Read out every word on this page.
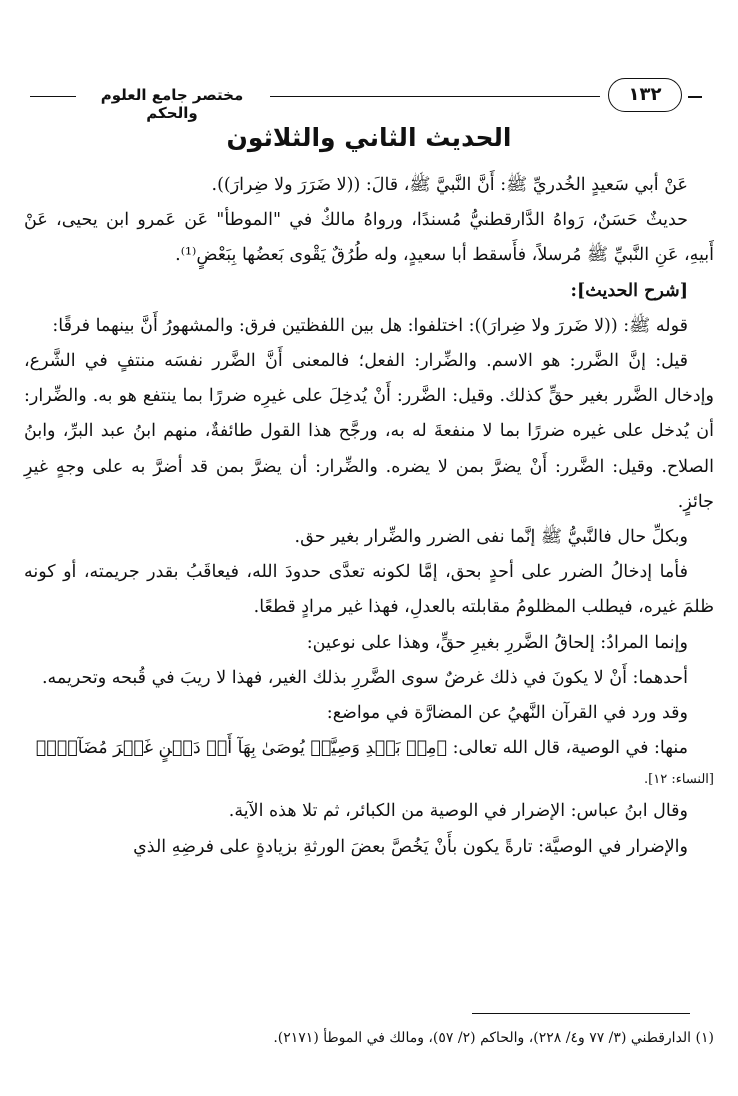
مختصر جامع العلوم والحكم
١٣٢
الحديث الثاني والثلاثون

عَنْ أبي سَعيدٍ الخُدريِّ ﷺ: أَنَّ النَّبيَّ ﷺ، قالَ: ((لا ضَرَرَ ولا ضِرارَ)).

حديثٌ حَسَنٌ، رَواهُ الدَّارقطنيُّ مُسندًا، ورواهُ مالكٌ في "الموطأ" عَن عَمرو ابن يحيى، عَنْ أَبيهِ، عَنِ النَّبيِّ ﷺ مُرسلاً، فأَسقط أبا سعيدٍ، وله طُرُقٌ يَقْوى بَعضُها بِبَعْضٍ⁽¹⁾.

[شرح الحديث]:

قوله ﷺ: ((لا ضَررَ ولا ضِرارَ)): اختلفوا: هل بين اللفظتين فرق: والمشهورُ أَنَّ بينهما فرقًا:

قيل: إنَّ الضَّرر: هو الاسم. والضِّرار: الفعل؛ فالمعنى أَنَّ الضَّرر نفسَه منتفٍ في الشَّرع، وإدخال الضَّرر بغير حقٍّ كذلك. وقيل: الضَّرر: أَنْ يُدخِلَ على غيرِه ضررًا بما ينتفع هو به. والضِّرار: أن يُدخل على غيره ضررًا بما لا منفعةَ له به، ورجَّح هذا القول طائفةٌ، منهم ابنُ عبد البرِّ، وابنُ الصلاح. وقيل: الضَّرر: أَنْ يضرَّ بمن لا يضره. والضِّرار: أن يضرَّ بمن قد أضرَّ به على وجهٍ غيرِ جائزٍ.

وبكلِّ حال فالنَّبيُّ ﷺ إنَّما نفى الضرر والضِّرار بغير حق.

فأما إدخالُ الضرر على أحدٍ بحق، إمَّا لكونه تعدَّى حدودَ الله، فيعاقَبُ بقدر جريمته، أو كونه ظلمَ غيره، فيطلب المظلومُ مقابلته بالعدلِ، فهذا غير مرادٍ قطعًا.

وإنما المرادُ: إلحاقُ الضَّررِ بغيرِ حقٍّ، وهذا على نوعين:

أحدهما: أَنْ لا يكونَ في ذلك غرضٌ سوى الضَّررِ بذلك الغير، فهذا لا ريبَ في قُبحه وتحريمه.

وقد ورد في القرآن النَّهيُ عن المضارَّة في مواضع:

منها: في الوصية، قال الله تعالى: ﴿مِنۢ بَعۡدِ وَصِيَّةٖ يُوصَىٰ بِهَآ أَوۡ دَيۡنٍ غَيۡرَ مُضَآرّٖ﴾

[النساء: ١٢].

وقال ابنُ عباس: الإضرار في الوصية من الكبائر، ثم تلا هذه الآية.

والإضرار في الوصيَّة: تارةً يكون بأَنْ يَخُصَّ بعضَ الورثةِ بزيادةٍ على فرضِهِ الذي

(١) الدارقطني (٣/ ٧٧ و٤/ ٢٢٨)، والحاكم (٢/ ٥٧)، ومالك في الموطأ (٢١٧١).
